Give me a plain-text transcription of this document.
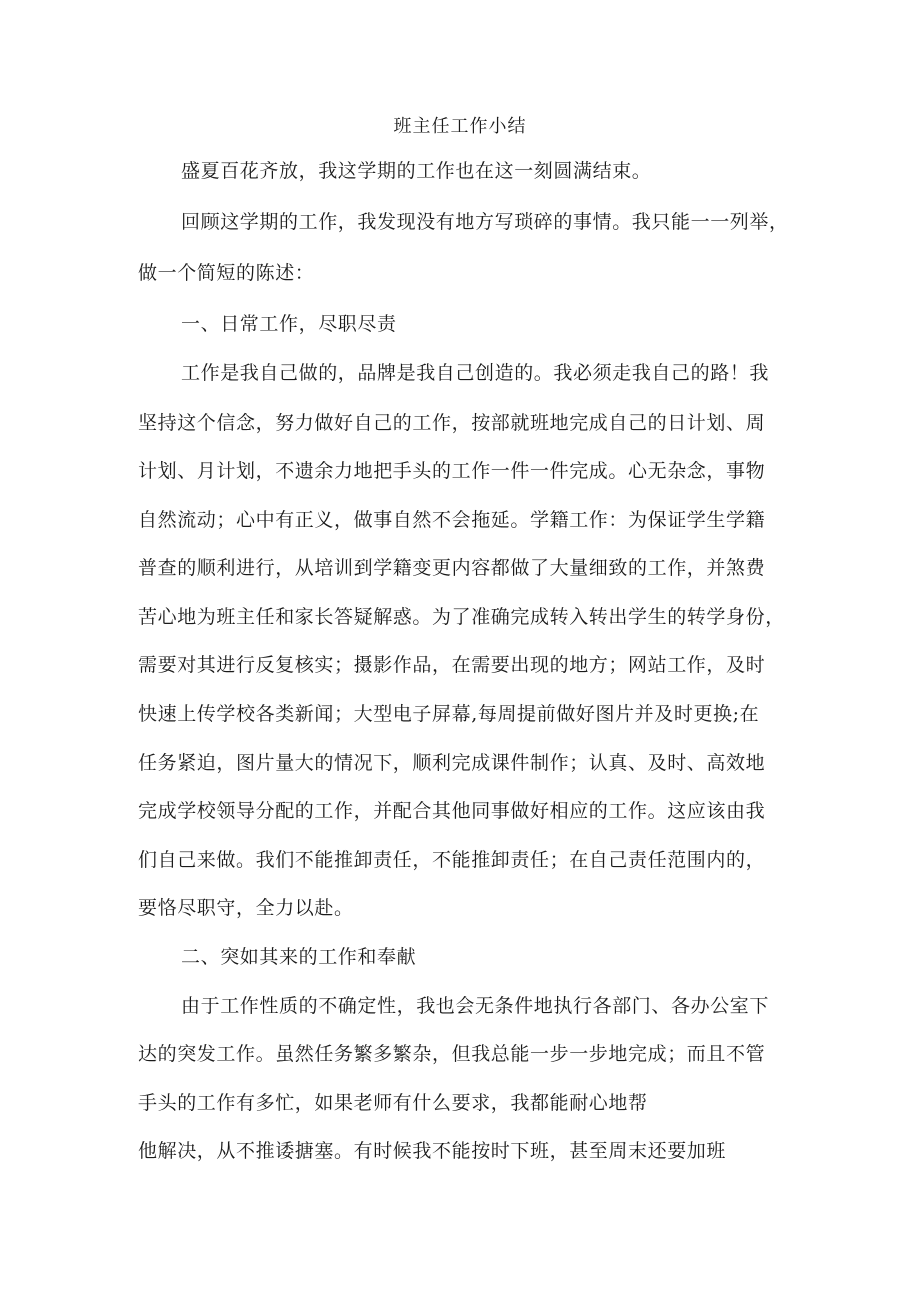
班主任工作小结
盛夏百花齐放，我这学期的工作也在这一刻圆满结束。
回顾这学期的工作，我发现没有地方写琐碎的事情。我只能一一列举，
做一个简短的陈述：
一、日常工作，尽职尽责
工作是我自己做的，品牌是我自己创造的。我必须走我自己的路！我
坚持这个信念，努力做好自己的工作，按部就班地完成自己的日计划、周
计划、月计划，不遗余力地把手头的工作一件一件完成。心无杂念，事物
自然流动；心中有正义，做事自然不会拖延。学籍工作：为保证学生学籍
普查的顺利进行，从培训到学籍变更内容都做了大量细致的工作，并煞费
苦心地为班主任和家长答疑解惑。为了准确完成转入转出学生的转学身份，
需要对其进行反复核实；摄影作品，在需要出现的地方；网站工作，及时
快速上传学校各类新闻；大型电子屏幕,每周提前做好图片并及时更换;在
任务紧迫，图片量大的情况下，顺利完成课件制作；认真、及时、高效地
完成学校领导分配的工作，并配合其他同事做好相应的工作。这应该由我
们自己来做。我们不能推卸责任，不能推卸责任；在自己责任范围内的，
要恪尽职守，全力以赴。
二、突如其来的工作和奉献
由于工作性质的不确定性，我也会无条件地执行各部门、各办公室下
达的突发工作。虽然任务繁多繁杂，但我总能一步一步地完成；而且不管
手头的工作有多忙，如果老师有什么要求，我都能耐心地帮
他解决，从不推诿搪塞。有时候我不能按时下班，甚至周末还要加班
